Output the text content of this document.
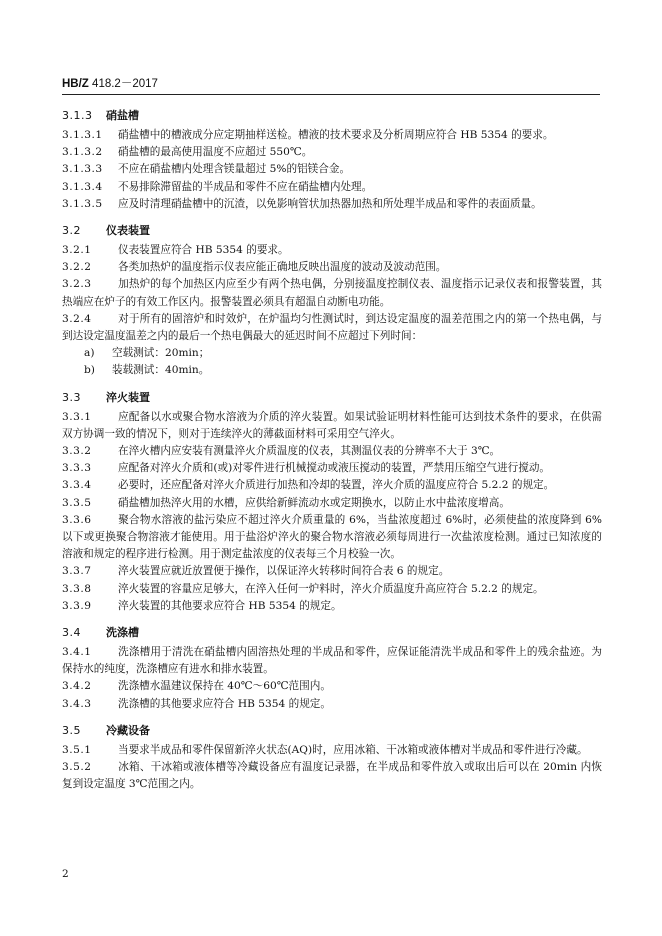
HB/Z 418.2－2017
3.1.3 硝盐槽

3.1.3.1 硝盐槽中的槽液成分应定期抽样送检。槽液的技术要求及分析周期应符合 HB 5354 的要求。

3.1.3.2 硝盐槽的最高使用温度不应超过 550℃。

3.1.3.3 不应在硝盐槽内处理含镁量超过 5%的铝镁合金。

3.1.3.4 不易排除滞留盐的半成品和零件不应在硝盐槽内处理。

3.1.3.5 应及时清理硝盐槽中的沉渣，以免影响管状加热器加热和所处理半成品和零件的表面质量。

3.2 仪表装置

3.2.1	仪表装置应符合 HB 5354 的要求。

3.2.2	各类加热炉的温度指示仪表应能正确地反映出温度的波动及波动范围。

3.2.3	加热炉的每个加热区内应至少有两个热电偶，分别接温度控制仪表、温度指示记录仪表和报警装置，其热端应在炉子的有效工作区内。报警装置必须具有超温自动断电功能。

3.2.4	对于所有的固溶炉和时效炉，在炉温均匀性测试时，到达设定温度的温差范围之内的第一个热电偶，与到达设定温度温差之内的最后一个热电偶最大的延迟时间不应超过下列时间：

a) 空载测试：20min；
b) 装载测试：40min。
3.3 淬火装置

3.3.1	应配备以水或聚合物水溶液为介质的淬火装置。如果试验证明材料性能可达到技术条件的要求，在供需双方协调一致的情况下，则对于连续淬火的薄截面材料可采用空气淬火。

3.3.2	在淬火槽内应安装有测量淬火介质温度的仪表，其测温仪表的分辨率不大于 3℃。

3.3.3	应配备对淬火介质和(或)对零件进行机械搅动或液压搅动的装置，严禁用压缩空气进行搅动。

3.3.4	必要时，还应配备对淬火介质进行加热和冷却的装置，淬火介质的温度应符合 5.2.2 的规定。

3.3.5	硝盐槽加热淬火用的水槽，应供给新鲜流动水或定期换水，以防止水中盐浓度增高。

3.3.6	聚合物水溶液的盐污染应不超过淬火介质重量的 6%，当盐浓度超过 6%时，必须使盐的浓度降到 6%以下或更换聚合物溶液才能使用。用于盐浴炉淬火的聚合物水溶液必须每周进行一次盐浓度检测。通过已知浓度的溶液和规定的程序进行检测。用于测定盐浓度的仪表每三个月校验一次。

3.3.7	淬火装置应就近放置便于操作，以保证淬火转移时间符合表 6 的规定。

3.3.8	淬火装置的容量应足够大，在淬入任何一炉料时，淬火介质温度升高应符合 5.2.2 的规定。

3.3.9	淬火装置的其他要求应符合 HB 5354 的规定。

3.4 洗涤槽

3.4.1	洗涤槽用于清洗在硝盐槽内固溶热处理的半成品和零件，应保证能清洗半成品和零件上的残余盐迹。为保持水的纯度，洗涤槽应有进水和排水装置。

3.4.2	洗涤槽水温建议保持在 40℃～60℃范围内。

3.4.3	洗涤槽的其他要求应符合 HB 5354 的规定。

3.5 冷藏设备

3.5.1	当要求半成品和零件保留新淬火状态(AQ)时，应用冰箱、干冰箱或液体槽对半成品和零件进行冷藏。

3.5.2	冰箱、干冰箱或液体槽等冷藏设备应有温度记录器，在半成品和零件放入或取出后可以在 20min 内恢复到设定温度 3℃范围之内。

2
